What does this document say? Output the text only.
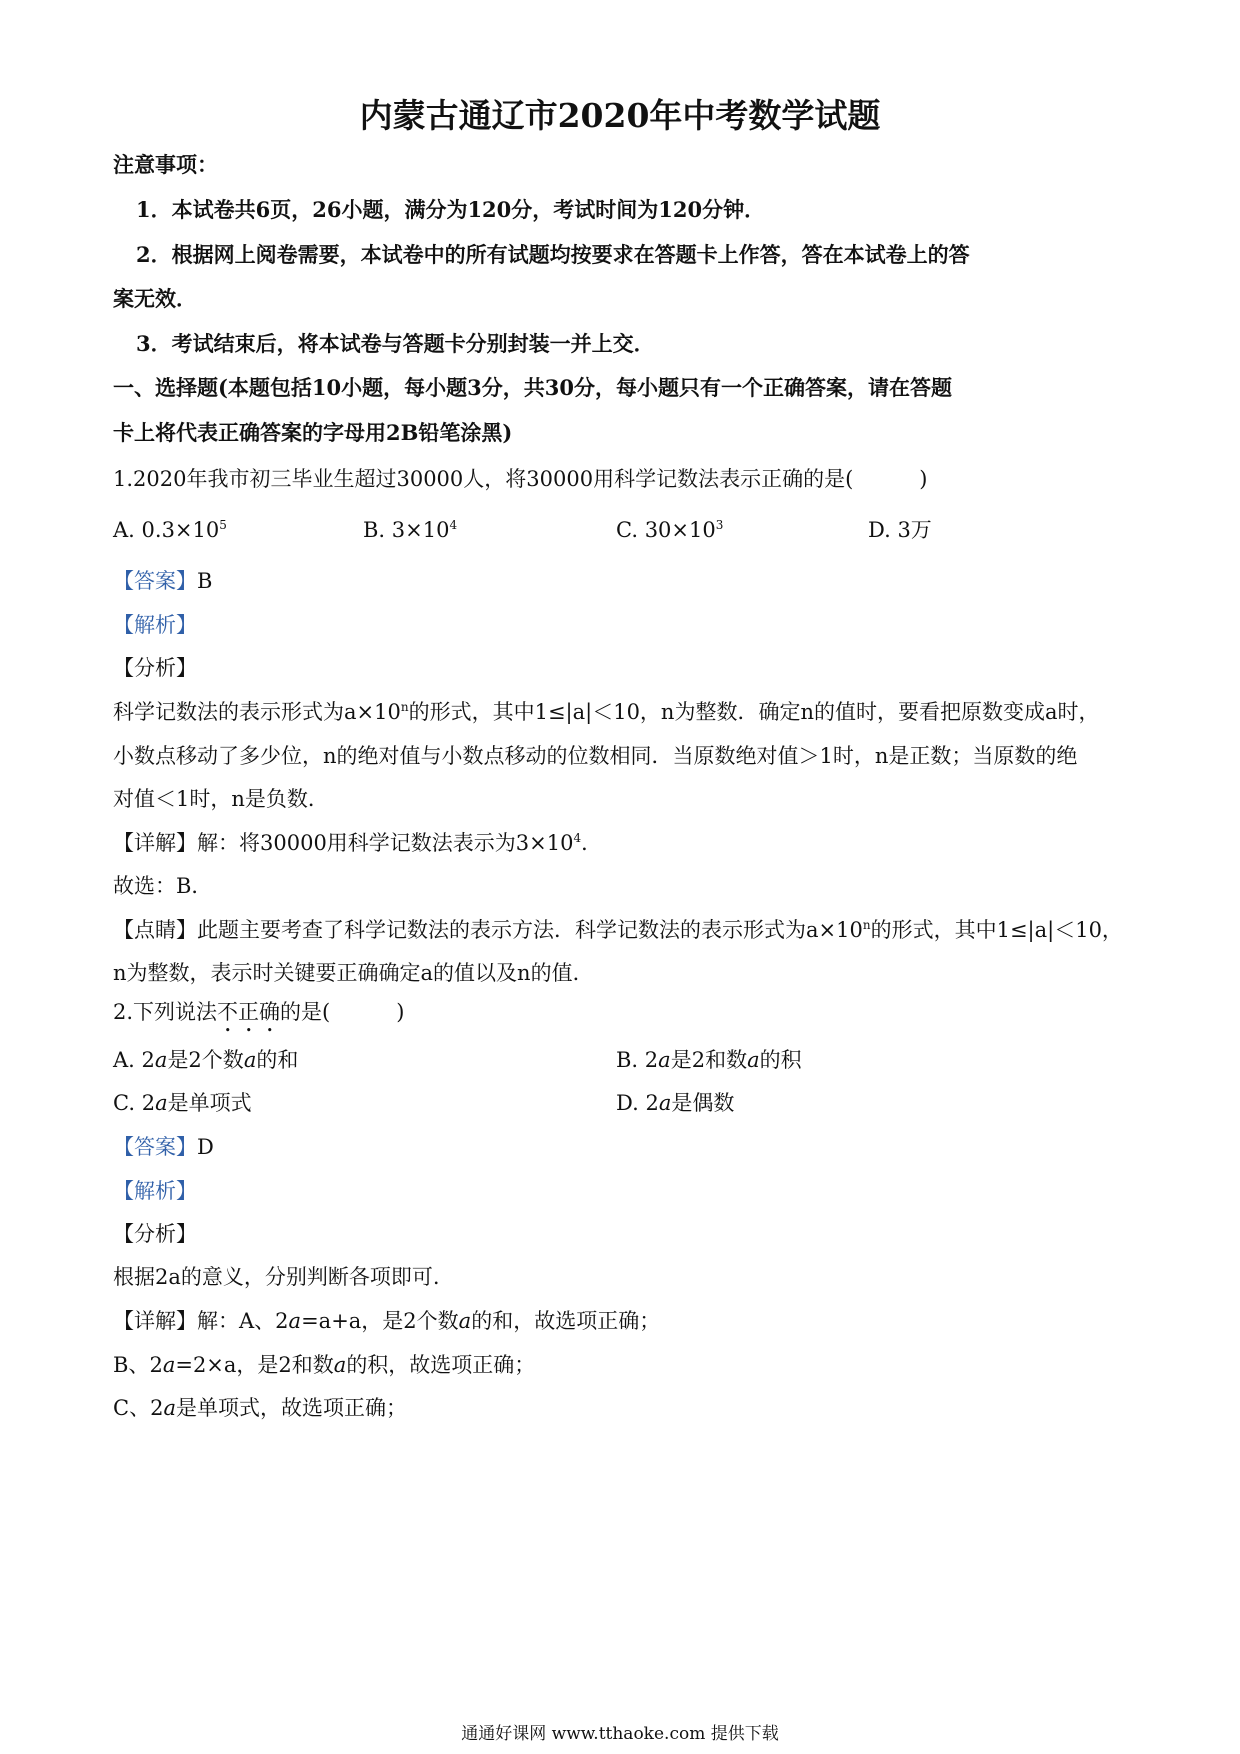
内蒙古通辽市2020年中考数学试题
注意事项：
1．本试卷共6页，26小题，满分为120分，考试时间为120分钟．
2．根据网上阅卷需要，本试卷中的所有试题均按要求在答题卡上作答，答在本试卷上的答
案无效．
3．考试结束后，将本试卷与答题卡分别封装一并上交．
一、选择题(本题包括10小题，每小题3分，共30分，每小题只有一个正确答案，请在答题
卡上将代表正确答案的字母用2B铅笔涂黑)
1.2020年我市初三毕业生超过30000人，将30000用科学记数法表示正确的是(	)
A. $0.3\times 10^5$	B. $3\times 10^4$	C. $30\times 10^3$	D. 3万
【答案】B
【解析】
【分析】
科学记数法的表示形式为$a\times 10^n$的形式，其中1≤|a|＜10，n为整数．确定n的值时，要看把原数变成a时，
小数点移动了多少位，n的绝对值与小数点移动的位数相同．当原数绝对值＞1时，n是正数；当原数的绝
对值＜1时，n是负数．
【详解】解：将30000用科学记数法表示为$3\times 10^4$．
故选：B．
【点睛】此题主要考查了科学记数法的表示方法．科学记数法的表示形式为$a\times 10^n$的形式，其中1≤|a|＜10，
n为整数，表示时关键要正确确定a的值以及n的值．
2.下列说法不正确的是(	)
A. 2a是2个数a的和	B. 2a是2和数a的积
C. 2a是单项式	D. 2a是偶数
【答案】D
【解析】
【分析】
根据2a的意义，分别判断各项即可.
【详解】解：A、2a=a+a，是2个数a的和，故选项正确；
B、2a=2×a，是2和数a的积，故选项正确；
C、2a是单项式，故选项正确；
通通好课网 www.tthaoke.com 提供下载
